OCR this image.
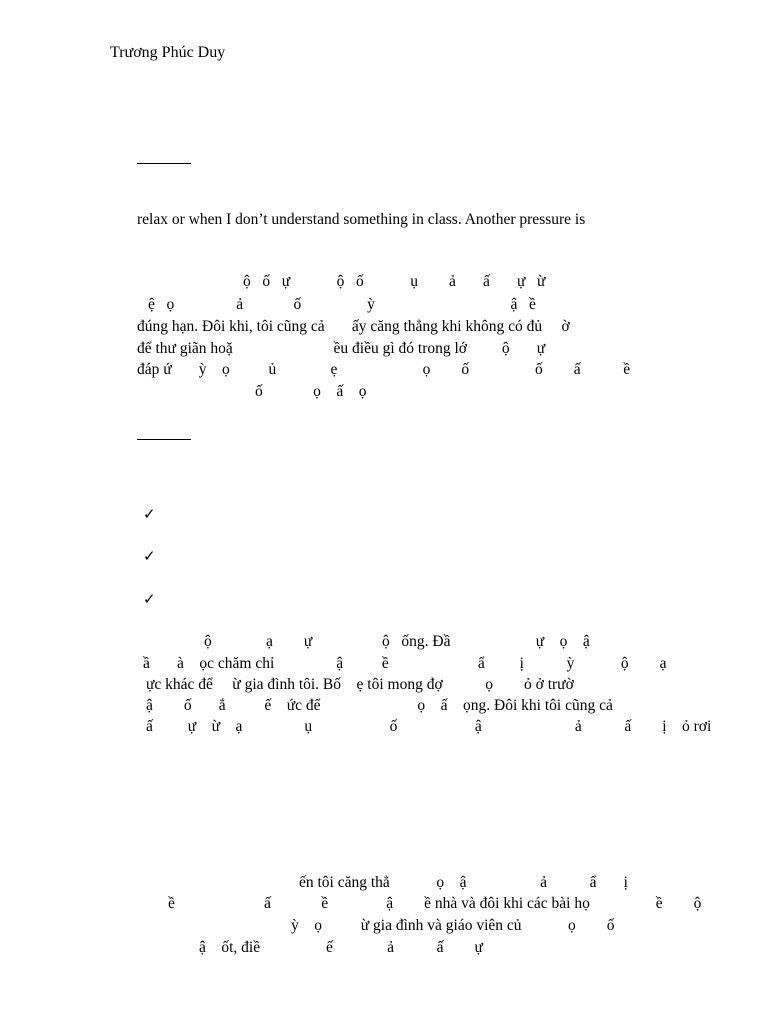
Trương Phúc Duy
relax or when I don’t understand something in class. Another pressure is
ộ   ố   ự            ộ   ố            ụ        ả       ấ       ự   ừ
ệ   ọ                ả             ố                 ỳ                                   ậ   ề
đúng hạn. Đôi khi, tôi cũng cả       ấy căng thẳng khi không có đủ     ờ
để thư giãn hoặ                          ều điều gì đó trong lớ         ộ       ự
đáp ứ       ỳ    ọ          ủ              ẹ                      ọ        ố                 ố        ấ           ề
ố             ọ    ấ    ọ
✓
✓
✓
ộ              ạ        ự                  ộ   ống. Đầ                      ự    ọ    ậ
ầ       à    ọc chăm chỉ                ậ          ề                       ẩ         ị           ỳ            ộ        ạ
ực khác để     ừ gia đình tôi. Bố    ẹ tôi mong đợ           ọ        ỏ ở trườ
ậ        ố       ắ          ế    ức để                         ọ    ấ    ọng. Đôi khi tôi cũng cả
ấ         ự    ừ    ạ                ụ                    ố                    ậ                        ả           ấ        ị    ỏ rơi
ến tôi căng thẳ            ọ    ậ                   ả           ẩ       ị
ề                       ấ             ề               ậ        ề nhà và đôi khi các bài họ                 ề        ộ
ỳ    ọ          ừ gia đình và giáo viên củ            ọ        ố
ậ    ốt, điề                 ế              ả           ấ        ự
